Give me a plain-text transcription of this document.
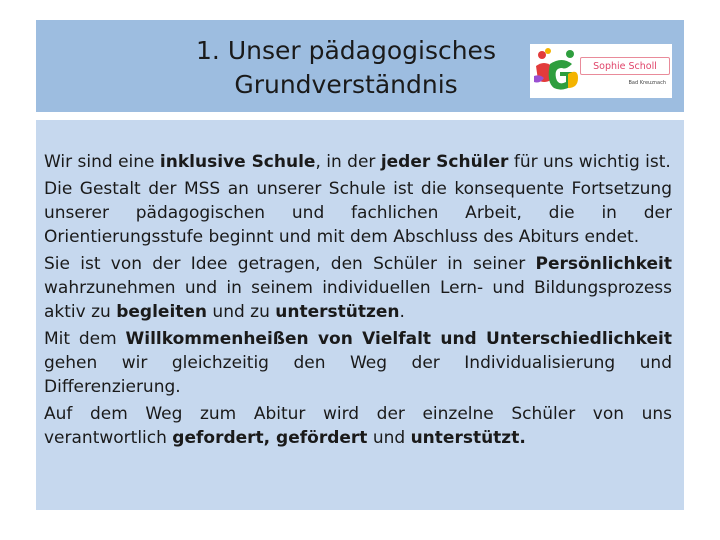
1. Unser pädagogisches
Grundverständnis
Sophie Scholl
Bad Kreuznach

Wir sind eine inklusive Schule, in der jeder Schüler für uns wichtig ist.

Die Gestalt der MSS an unserer Schule ist die konsequente Fortsetzung unserer pädagogischen und fachlichen Arbeit, die in der Orientierungsstufe beginnt und mit dem Abschluss des Abiturs endet.

Sie ist von der Idee getragen, den Schüler in seiner Persönlichkeit wahrzunehmen und in seinem individuellen Lern- und Bildungsprozess aktiv zu begleiten und zu unterstützen.

Mit dem Willkommenheißen von Vielfalt und Unterschiedlichkeit gehen wir gleichzeitig den Weg der Individualisierung und Differenzierung.

Auf dem Weg zum Abitur wird der einzelne Schüler von uns verantwortlich gefordert, gefördert und unterstützt.
